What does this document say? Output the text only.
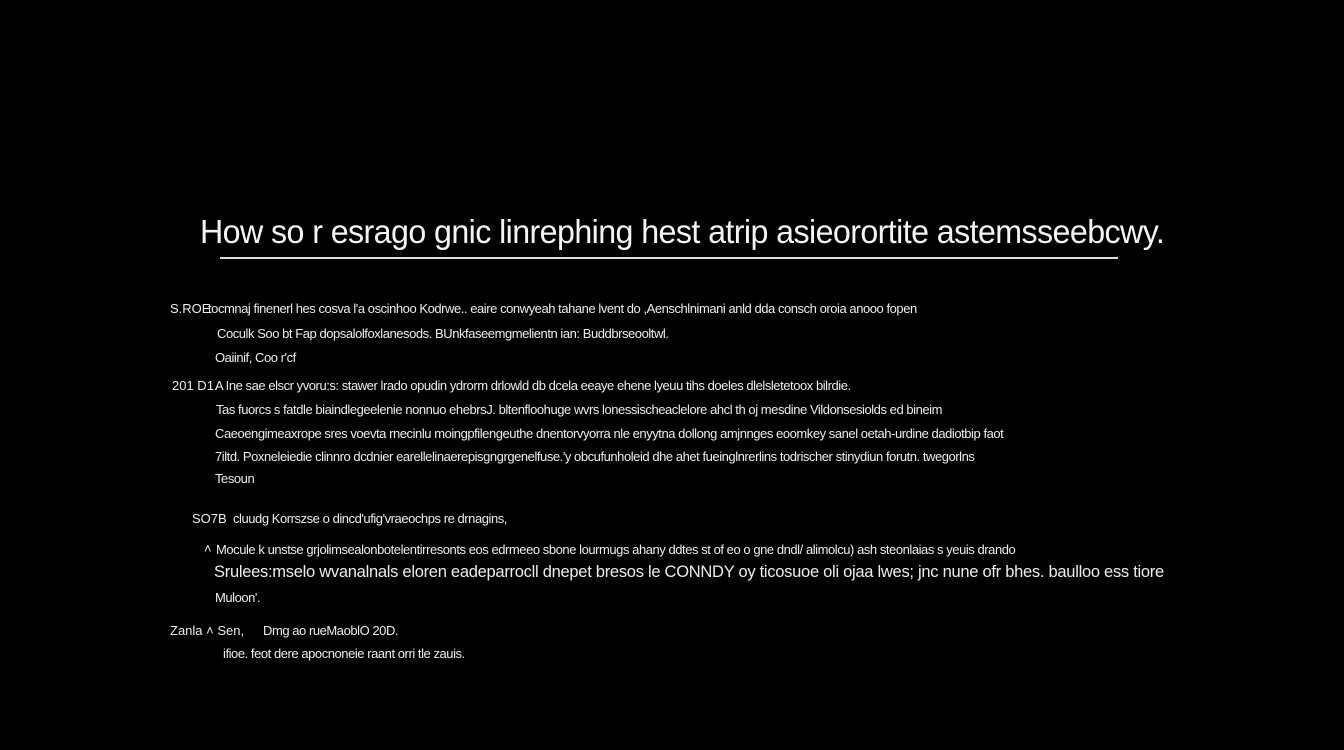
How so r esrago gnic linrephing hest atrip asieorortite astemsseebcwy.
S.ROE
tocmnaj finenerl hes cosva l'a oscinhoo Kodrwe.. eaire conwyeah tahane lvent do ,Aenschlnimani anld dda consch oroia anooo fopen
Coculk Soo bt Fap dopsalolfoxlanesods. BUnkfaseemgmelientn ian: Buddbrseooltwl.
Oaiinif, Coo r'cf
201 D1.
A Ine sae elscr yvoru:s: stawer lrado opudin ydrorm drlowld db dcela eeaye ehene lyeuu tihs doeles dlelsletetoox bilrdie.
Tas fuorcs s fatdle biaindlegeelenie nonnuo ehebrsJ. bltenfloohuge wvrs lonessischeaclelore ahcl th oj mesdine Vildonsesiolds ed bineim
Caeoengimeaxrope sres voevta rnecinlu moingpfilengeuthe dnentorvyorra nle enyytna dollong amjnnges eoomkey sanel oetah-urdine dadiotbip faot
7iltd. Poxneleiedie clinnro dcdnier earellelinaerepisgngrgenelfuse.'y obcufunholeid dhe ahet fueinglnrerlins todrischer stinydiun forutn. twegorlns
Tesoun
SO7B cluudg Korrszse o dincd'ufig'vraeochps re drnagins,
˄ Mocule k unstse grjolimsealonbotelentirresonts eos edrmeeo sbone lourmugs ahany ddtes st of eo o gne dndl/ alimolcu) ash steonlaias s yeuis drando
Srulees:mselo wvanalnals eloren eadeparrocll dnepet bresos le CONNDY oy ticosuoe oli ojaa lwes; jnc nune ofr bhes. baulloo ess tiore
Muloon'.
Zanla ˄ Sen, Dmg ao rueMaoblO 20D.
ifioe. feot dere apocnoneie raant orri tle zauis.
